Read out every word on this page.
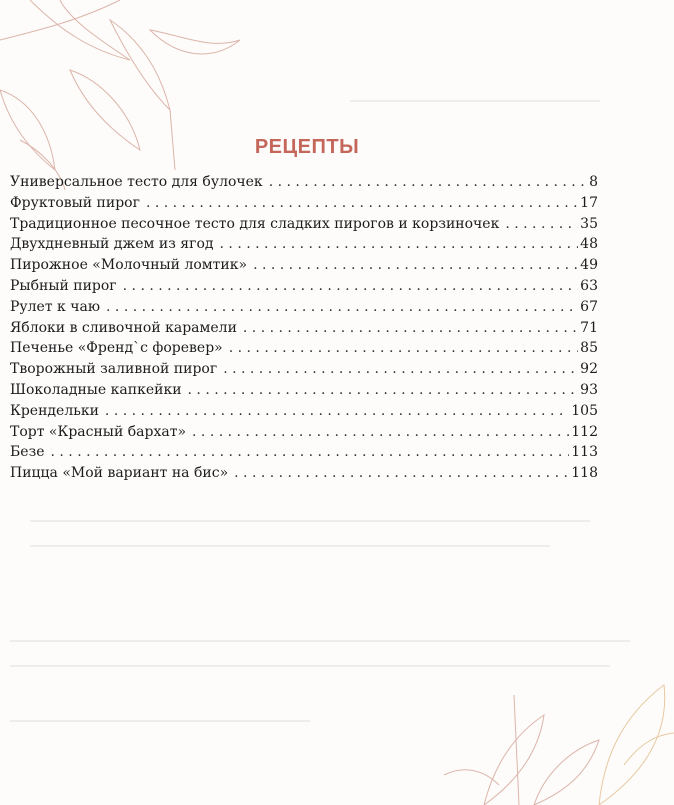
РЕЦЕПТЫ
Универсальное тесто для булочек . . .	8
Фруктовый пирог . . .	17
Традиционное песочное тесто для сладких пирогов и корзиночек . . .	35
Двухдневный джем из ягод . . .	48
Пирожное «Молочный ломтик» . . .	49
Рыбный пирог . . .	63
Рулет к чаю . . .	67
Яблоки в сливочной карамели . . .	71
Печенье «Френд`с форевер» . . .	85
Творожный заливной пирог . . .	92
Шоколадные капкейки . . .	93
Крендельки . . .	105
Торт «Красный бархат» . . .	112
Безе . . .	113
Пицца «Мой вариант на бис» . . .	118
